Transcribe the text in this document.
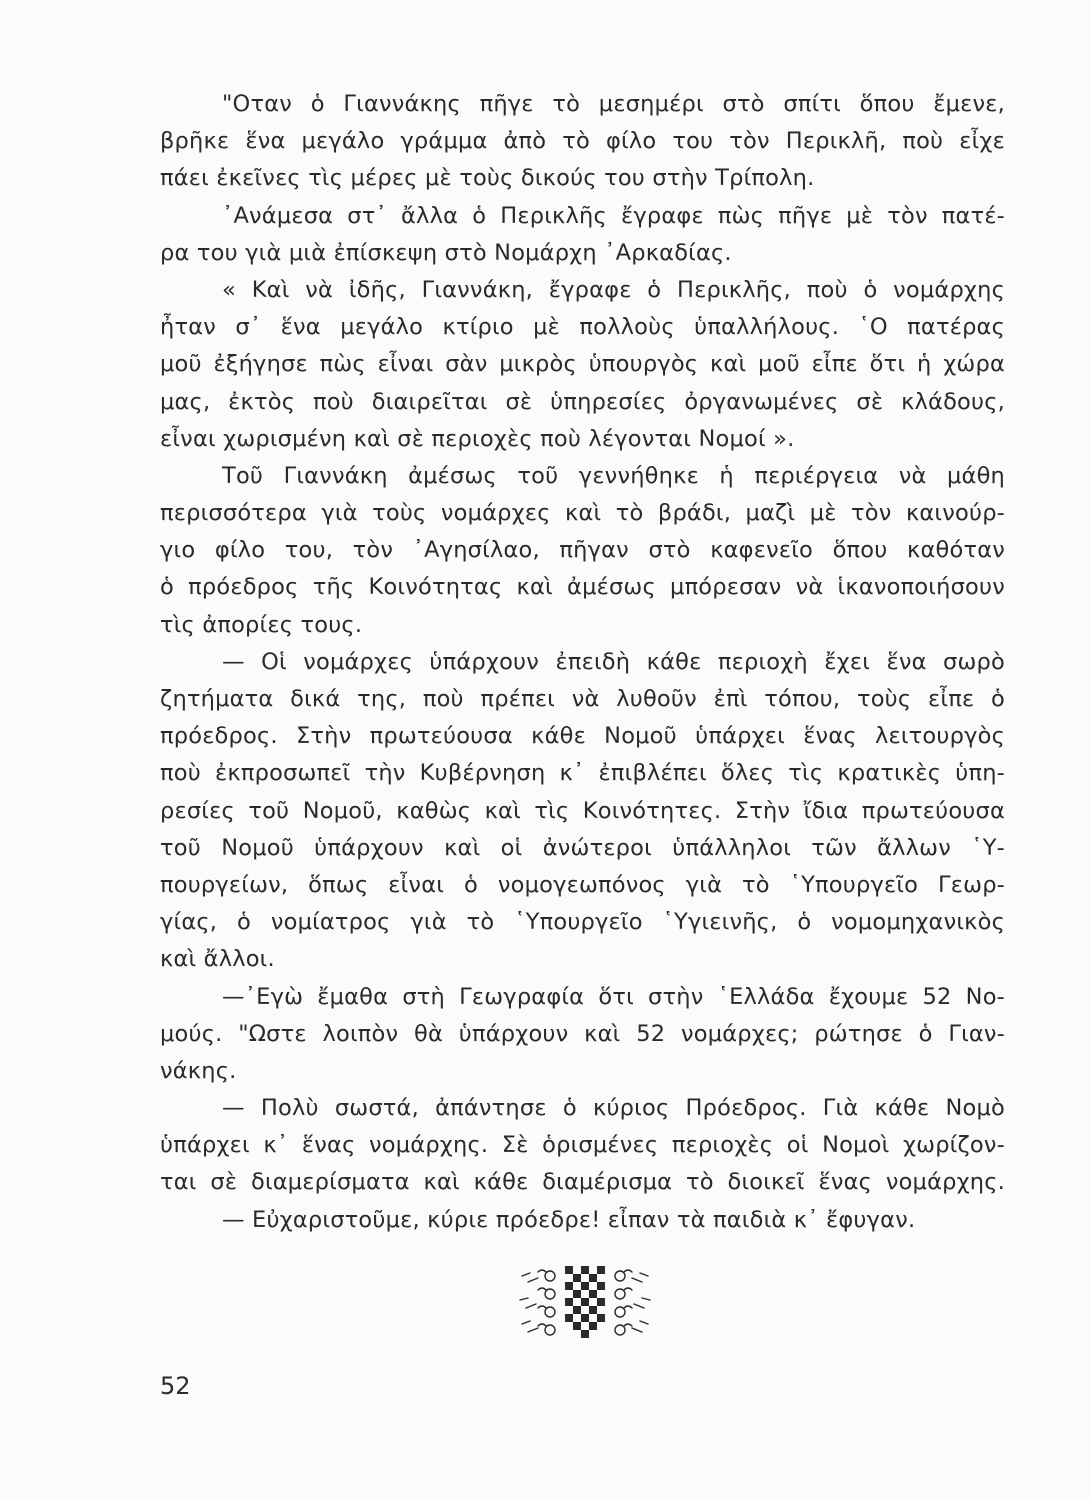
"Οταν ὁ Γιαννάκης πῆγε τὸ μεσημέρι στὸ σπίτι ὅπου ἔμενε,
βρῆκε ἕνα μεγάλο γράμμα ἀπὸ τὸ φίλο του τὸν Περικλῆ, ποὺ εἶχε
πάει ἐκεῖνες τὶς μέρες μὲ τοὺς δικούς του στὴν Τρίπολη.
᾿Ανάμεσα στ᾿ ἄλλα ὁ Περικλῆς ἔγραφε πὼς πῆγε μὲ τὸν πατέ-
ρα του γιὰ μιὰ ἐπίσκεψη στὸ Νομάρχη ᾿Αρκαδίας.
« Καὶ νὰ ἰδῆς, Γιαννάκη, ἔγραφε ὁ Περικλῆς, ποὺ ὁ νομάρχης
ἦταν σ᾿ ἕνα μεγάλο κτίριο μὲ πολλοὺς ὑπαλλήλους. ῾Ο πατέρας
μοῦ ἐξήγησε πὼς εἶναι σὰν μικρὸς ὑπουργὸς καὶ μοῦ εἶπε ὅτι ἡ χώρα
μας, ἐκτὸς ποὺ διαιρεῖται σὲ ὑπηρεσίες ὀργανωμένες σὲ κλάδους,
εἶναι χωρισμένη καὶ σὲ περιοχὲς ποὺ λέγονται Νομοί ».
Τοῦ Γιαννάκη ἀμέσως τοῦ γεννήθηκε ἡ περιέργεια νὰ μάθη
περισσότερα γιὰ τοὺς νομάρχες καὶ τὸ βράδι, μαζὶ μὲ τὸν καινούρ-
γιο φίλο του, τὸν ᾿Αγησίλαο, πῆγαν στὸ καφενεῖο ὅπου καθόταν
ὁ πρόεδρος τῆς Κοινότητας καὶ ἀμέσως μπόρεσαν νὰ ἱκανοποιήσουν
τὶς ἀπορίες τους.
— Οἱ νομάρχες ὑπάρχουν ἐπειδὴ κάθε περιοχὴ ἔχει ἕνα σωρὸ
ζητήματα δικά της, ποὺ πρέπει νὰ λυθοῦν ἐπὶ τόπου, τοὺς εἶπε ὁ
πρόεδρος. Στὴν πρωτεύουσα κάθε Νομοῦ ὑπάρχει ἕνας λειτουργὸς
ποὺ ἐκπροσωπεῖ τὴν Κυβέρνηση κ᾿ ἐπιβλέπει ὅλες τὶς κρατικὲς ὑπη-
ρεσίες τοῦ Νομοῦ, καθὼς καὶ τὶς Κοινότητες. Στὴν ἴδια πρωτεύουσα
τοῦ Νομοῦ ὑπάρχουν καὶ οἱ ἀνώτεροι ὑπάλληλοι τῶν ἄλλων ῾Υ-
πουργείων, ὅπως εἶναι ὁ νομογεωπόνος γιὰ τὸ ῾Υπουργεῖο Γεωρ-
γίας, ὁ νομίατρος γιὰ τὸ ῾Υπουργεῖο ῾Υγιεινῆς, ὁ νομομηχανικὸς
καὶ ἄλλοι.
—᾿Εγὼ ἔμαθα στὴ Γεωγραφία ὅτι στὴν ῾Ελλάδα ἔχουμε 52 Νο-
μούς. "Ωστε λοιπὸν θὰ ὑπάρχουν καὶ 52 νομάρχες; ρώτησε ὁ Γιαν-
νάκης.
— Πολὺ σωστά, ἀπάντησε ὁ κύριος Πρόεδρος. Γιὰ κάθε Νομὸ
ὑπάρχει κ᾿ ἕνας νομάρχης. Σὲ ὁρισμένες περιοχὲς οἱ Νομοὶ χωρίζον-
ται σὲ διαμερίσματα καὶ κάθε διαμέρισμα τὸ διοικεῖ ἕνας νομάρχης.
— Εὐχαριστοῦμε, κύριε πρόεδρε! εἶπαν τὰ παιδιὰ κ᾿ ἔφυγαν.
52
